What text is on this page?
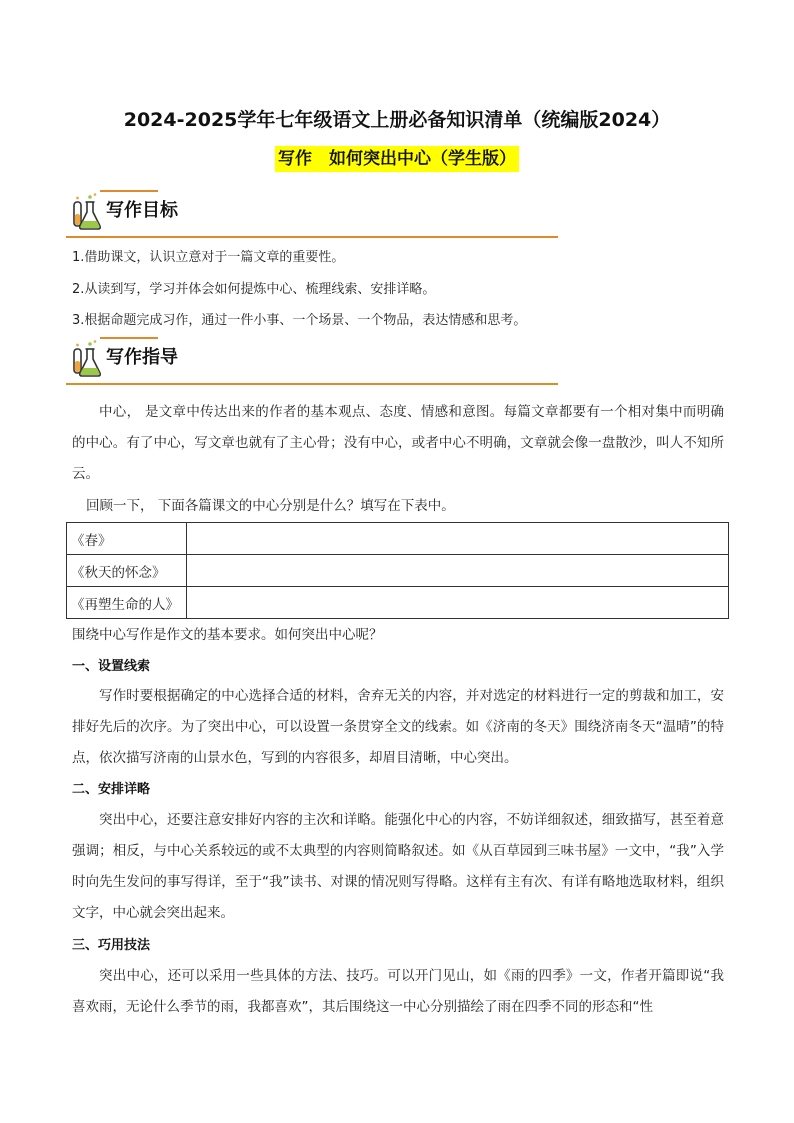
2024-2025学年七年级语文上册必备知识清单（统编版2024）
写作　如何突出中心（学生版）
写作目标
1.借助课文，认识立意对于一篇文章的重要性。
2.从读到写，学习并体会如何提炼中心、梳理线索、安排详略。
3.根据命题完成习作，通过一件小事、一个场景、一个物品，表达情感和思考。
写作指导
中心， 是文章中传达出来的作者的基本观点、态度、情感和意图。每篇文章都要有一个相对集中而明确的中心。有了中心，写文章也就有了主心骨；没有中心，或者中心不明确，文章就会像一盘散沙，叫人不知所云。
回顾一下， 下面各篇课文的中心分别是什么？填写在下表中。
《春》	
《秋天的怀念》	
《再塑生命的人》	
围绕中心写作是作文的基本要求。如何突出中心呢？
一、设置线索
写作时要根据确定的中心选择合适的材料，舍弃无关的内容，并对选定的材料进行一定的剪裁和加工，安排好先后的次序。为了突出中心，可以设置一条贯穿全文的线索。如《济南的冬天》围绕济南冬天“温晴”的特点，依次描写济南的山景水色，写到的内容很多，却眉目清晰，中心突出。
二、安排详略
突出中心，还要注意安排好内容的主次和详略。能强化中心的内容，不妨详细叙述，细致描写，甚至着意强调；相反，与中心关系较远的或不太典型的内容则简略叙述。如《从百草园到三味书屋》一文中，“我”入学时向先生发问的事写得详，至于“我”读书、对课的情况则写得略。这样有主有次、有详有略地选取材料，组织文字，中心就会突出起来。
三、巧用技法
突出中心，还可以采用一些具体的方法、技巧。可以开门见山，如《雨的四季》一文，作者开篇即说“我喜欢雨，无论什么季节的雨，我都喜欢”，其后围绕这一中心分别描绘了雨在四季不同的形态和“性
